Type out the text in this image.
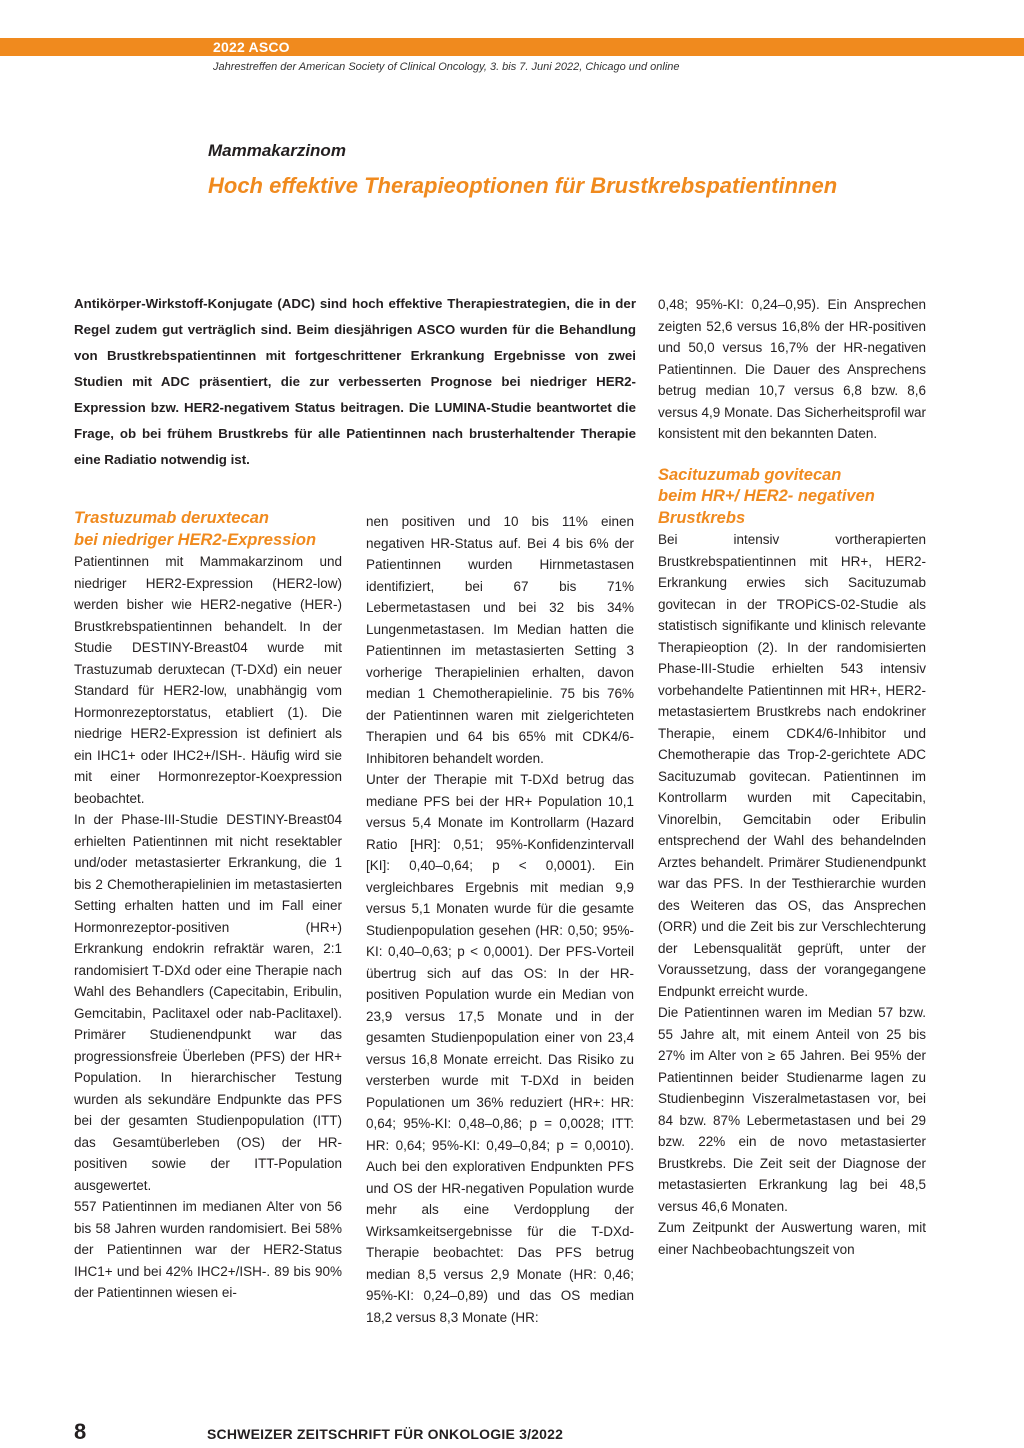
2022 ASCO
Jahrestreffen der American Society of Clinical Oncology, 3. bis 7. Juni 2022, Chicago und online
Mammakarzinom
Hoch effektive Therapieoptionen für Brustkrebspatientinnen
Antikörper-Wirkstoff-Konjugate (ADC) sind hoch effektive Therapiestrategien, die in der Regel zudem gut verträglich sind. Beim diesjährigen ASCO wurden für die Behandlung von Brustkrebspatientinnen mit fortgeschrittener Erkrankung Ergebnisse von zwei Studien mit ADC präsentiert, die zur verbesserten Prognose bei niedriger HER2-Expression bzw. HER2-negativem Status beitragen. Die LUMINA-Studie beantwortet die Frage, ob bei frühem Brustkrebs für alle Patientinnen nach brusterhaltender Therapie eine Radiatio notwendig ist.
Trastuzumab deruxtecan
bei niedriger HER2-Expression

Patientinnen mit Mammakarzinom und niedriger HER2-Expression (HER2-low) werden bisher wie HER2-negative (HER-) Brustkrebspatientinnen behandelt. In der Studie DESTINY-Breast04 wurde mit Trastuzumab deruxtecan (T-DXd) ein neuer Standard für HER2-low, unabhängig vom Hormonrezeptorstatus, etabliert (1). Die niedrige HER2-Expression ist definiert als ein IHC1+ oder IHC2+/ISH-. Häufig wird sie mit einer Hormonrezeptor-Koexpression beobachtet.

In der Phase-III-Studie DESTINY-Breast04 erhielten Patientinnen mit nicht resektabler und/oder metastasierter Erkrankung, die 1 bis 2 Chemotherapielinien im metastasierten Setting erhalten hatten und im Fall einer Hormonrezeptor-positiven (HR+) Erkrankung endokrin refraktär waren, 2:1 randomisiert T-DXd oder eine Therapie nach Wahl des Behandlers (Capecitabin, Eribulin, Gemcitabin, Paclitaxel oder nab-Paclitaxel). Primärer Studienendpunkt war das progressionsfreie Überleben (PFS) der HR+ Population. In hierarchischer Testung wurden als sekundäre Endpunkte das PFS bei der gesamten Studienpopulation (ITT) das Gesamtüberleben (OS) der HR-positiven sowie der ITT-Population ausgewertet.

557 Patientinnen im medianen Alter von 56 bis 58 Jahren wurden randomisiert. Bei 58% der Patientinnen war der HER2-Status IHC1+ und bei 42% IHC2+/ISH-. 89 bis 90% der Patientinnen wiesen ei-

nen positiven und 10 bis 11% einen negativen HR-Status auf. Bei 4 bis 6% der Patientinnen wurden Hirnmetastasen identifiziert, bei 67 bis 71% Lebermetastasen und bei 32 bis 34% Lungenmetastasen. Im Median hatten die Patientinnen im metastasierten Setting 3 vorherige Therapielinien erhalten, davon median 1 Chemotherapielinie. 75 bis 76% der Patientinnen waren mit zielgerichteten Therapien und 64 bis 65% mit CDK4/6-Inhibitoren behandelt worden.

Unter der Therapie mit T-DXd betrug das mediane PFS bei der HR+ Population 10,1 versus 5,4 Monate im Kontrollarm (Hazard Ratio [HR]: 0,51; 95%-Konfidenzintervall [KI]: 0,40–0,64; p < 0,0001). Ein vergleichbares Ergebnis mit median 9,9 versus 5,1 Monaten wurde für die gesamte Studienpopulation gesehen (HR: 0,50; 95%-KI: 0,40–0,63; p < 0,0001). Der PFS-Vorteil übertrug sich auf das OS: In der HR-positiven Population wurde ein Median von 23,9 versus 17,5 Monate und in der gesamten Studienpopulation einer von 23,4 versus 16,8 Monate erreicht. Das Risiko zu versterben wurde mit T-DXd in beiden Populationen um 36% reduziert (HR+: HR: 0,64; 95%-KI: 0,48–0,86; p = 0,0028; ITT: HR: 0,64; 95%-KI: 0,49–0,84; p = 0,0010). Auch bei den explorativen Endpunkten PFS und OS der HR-negativen Population wurde mehr als eine Verdopplung der Wirksamkeitsergebnisse für die T-DXd-Therapie beobachtet: Das PFS betrug median 8,5 versus 2,9 Monate (HR: 0,46; 95%-KI: 0,24–0,89) und das OS median 18,2 versus 8,3 Monate (HR:

0,48; 95%-KI: 0,24–0,95). Ein Ansprechen zeigten 52,6 versus 16,8% der HR-positiven und 50,0 versus 16,7% der HR-negativen Patientinnen. Die Dauer des Ansprechens betrug median 10,7 versus 6,8 bzw. 8,6 versus 4,9 Monate. Das Sicherheitsprofil war konsistent mit den bekannten Daten.

Sacituzumab govitecan
beim HR+/ HER2- negativen
Brustkrebs

Bei intensiv vortherapierten Brustkrebspatientinnen mit HR+, HER2- Erkrankung erwies sich Sacituzumab govitecan in der TROPiCS-02-Studie als statistisch signifikante und klinisch relevante Therapieoption (2). In der randomisierten Phase-III-Studie erhielten 543 intensiv vorbehandelte Patientinnen mit HR+, HER2- metastasiertem Brustkrebs nach endokriner Therapie, einem CDK4/6-Inhibitor und Chemotherapie das Trop-2-gerichtete ADC Sacituzumab govitecan. Patientinnen im Kontrollarm wurden mit Capecitabin, Vinorelbin, Gemcitabin oder Eribulin entsprechend der Wahl des behandelnden Arztes behandelt. Primärer Studienendpunkt war das PFS. In der Testhierarchie wurden des Weiteren das OS, das Ansprechen (ORR) und die Zeit bis zur Verschlechterung der Lebensqualität geprüft, unter der Voraussetzung, dass der vorangegangene Endpunkt erreicht wurde.

Die Patientinnen waren im Median 57 bzw. 55 Jahre alt, mit einem Anteil von 25 bis 27% im Alter von ≥ 65 Jahren. Bei 95% der Patientinnen beider Studienarme lagen zu Studienbeginn Viszeralmetastasen vor, bei 84 bzw. 87% Lebermetastasen und bei 29 bzw. 22% ein de novo metastasierter Brustkrebs. Die Zeit seit der Diagnose der metastasierten Erkrankung lag bei 48,5 versus 46,6 Monaten.

Zum Zeitpunkt der Auswertung waren, mit einer Nachbeobachtungszeit von

8	SCHWEIZER ZEITSCHRIFT FÜR ONKOLOGIE 3/2022
